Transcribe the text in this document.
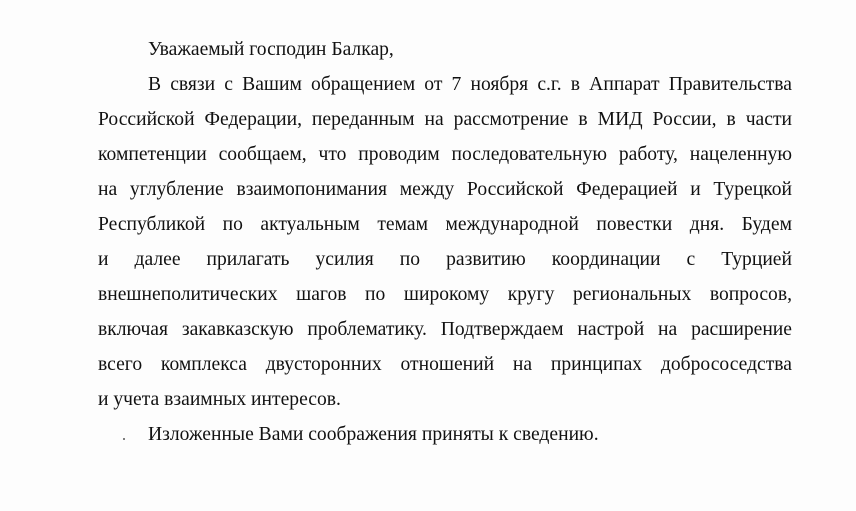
Уважаемый господин Балкар,
В связи с Вашим обращением от 7 ноября с.г. в Аппарат Правительства
Российской Федерации, переданным на рассмотрение в МИД России, в части
компетенции сообщаем, что проводим последовательную работу, нацеленную
на углубление взаимопонимания между Российской Федерацией и Турецкой
Республикой по актуальным темам международной повестки дня. Будем
и далее прилагать усилия по развитию координации с Турцией
внешнеполитических шагов по широкому кругу региональных вопросов,
включая закавказскую проблематику. Подтверждаем настрой на расширение
всего комплекса двусторонних отношений на принципах добрососедства
и учета взаимных интересов.
Изложенные Вами соображения приняты к сведению.
